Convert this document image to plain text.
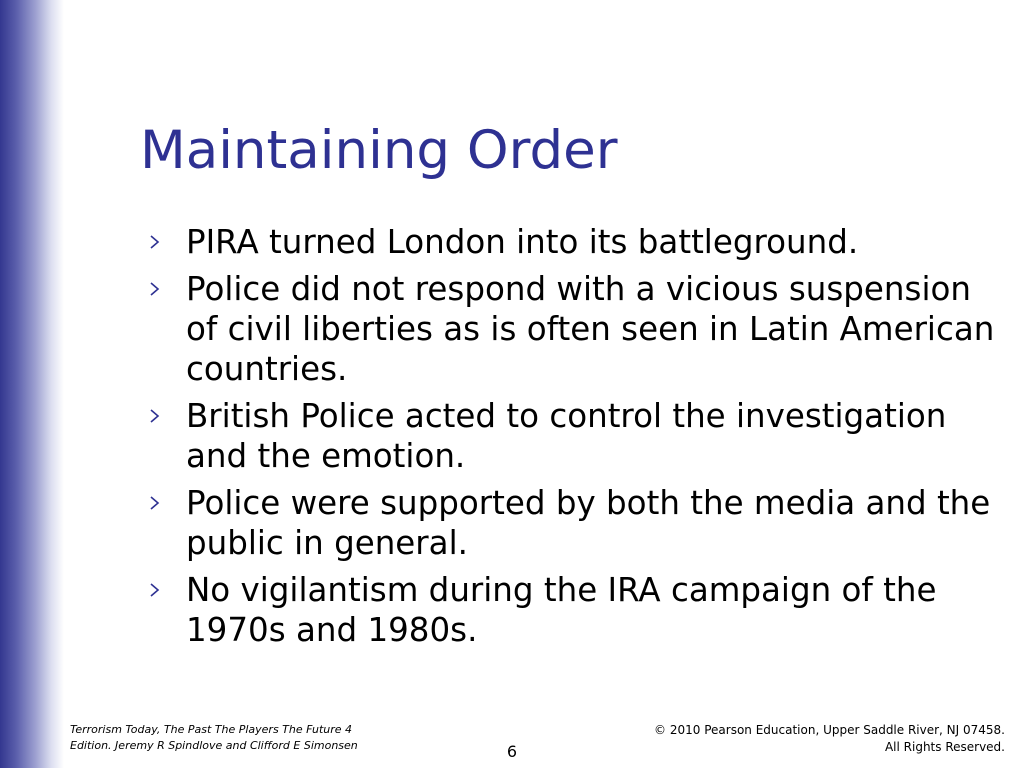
Maintaining Order
PIRA turned London into its battleground.
Police did not respond with a vicious suspension of civil liberties as is often seen in Latin American countries.
British Police acted to control the investigation and the emotion.
Police were supported by both the media and the public in general.
No vigilantism during the IRA campaign of the 1970s and 1980s.
Terrorism Today, The Past The Players The Future 4
Edition. Jeremy R Spindlove and Clifford E Simonsen	6
© 2010 Pearson Education, Upper Saddle River, NJ 07458.
All Rights Reserved.
